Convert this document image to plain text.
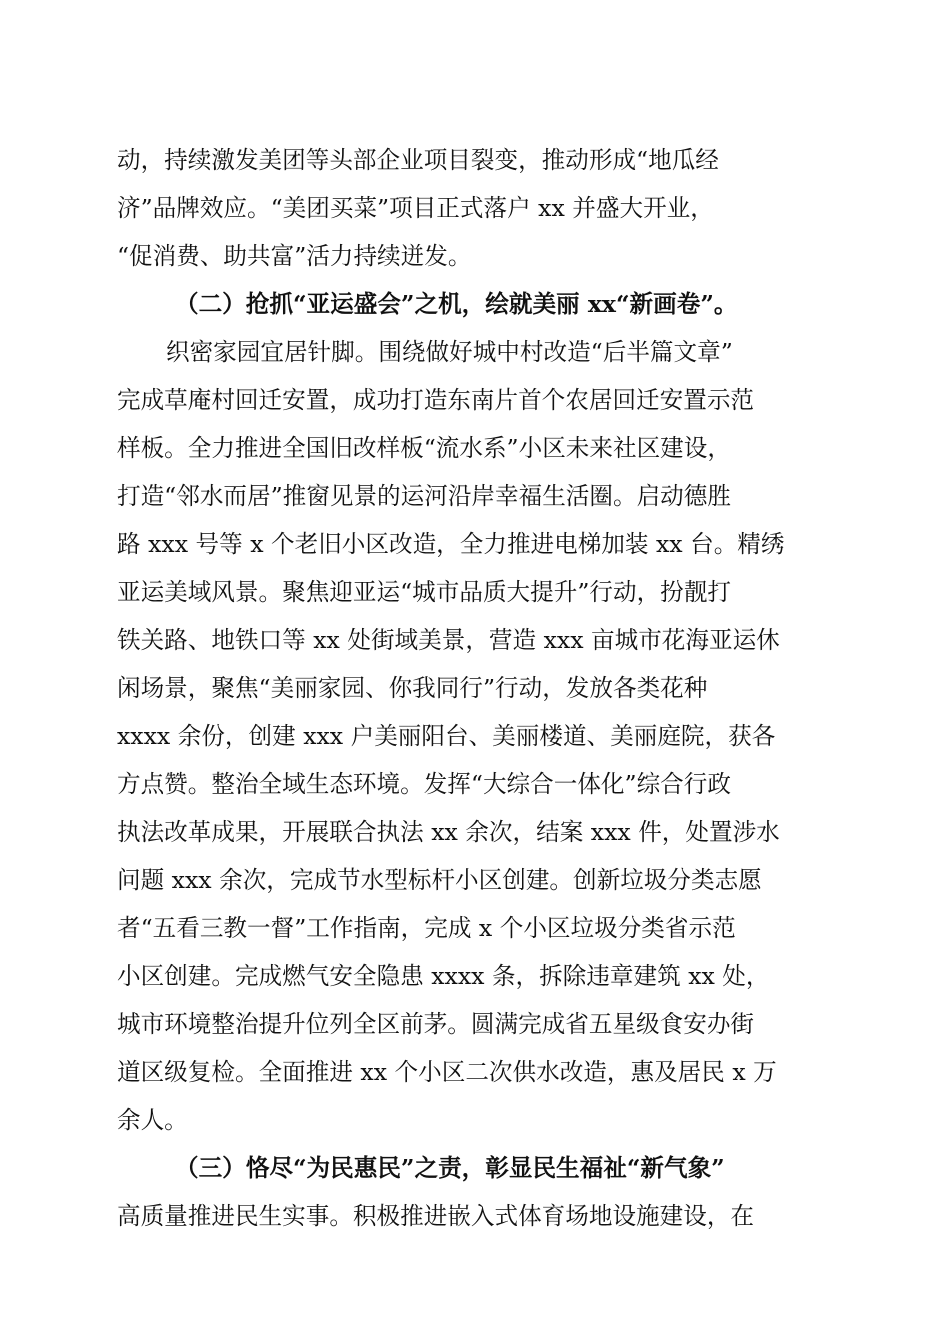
动，持续激发美团等头部企业项目裂变，推动形成“地瓜经
济”品牌效应。“美团买菜”项目正式落户 xx 并盛大开业，
“促消费、助共富”活力持续迸发。
（二）抢抓“亚运盛会”之机，绘就美丽 xx“新画卷”。
织密家园宜居针脚。围绕做好城中村改造“后半篇文章”
完成草庵村回迁安置，成功打造东南片首个农居回迁安置示范
样板。全力推进全国旧改样板“流水系”小区未来社区建设，
打造“邻水而居”推窗见景的运河沿岸幸福生活圈。启动德胜
路 xxx 号等 x 个老旧小区改造，全力推进电梯加装 xx 台。精绣
亚运美域风景。聚焦迎亚运“城市品质大提升”行动，扮靓打
铁关路、地铁口等 xx 处街域美景，营造 xxx 亩城市花海亚运休
闲场景，聚焦“美丽家园、你我同行”行动，发放各类花种
xxxx 余份，创建 xxx 户美丽阳台、美丽楼道、美丽庭院，获各
方点赞。整治全域生态环境。发挥“大综合一体化”综合行政
执法改革成果，开展联合执法 xx 余次，结案 xxx 件，处置涉水
问题 xxx 余次，完成节水型标杆小区创建。创新垃圾分类志愿
者“五看三教一督”工作指南，完成 x 个小区垃圾分类省示范
小区创建。完成燃气安全隐患 xxxx 条，拆除违章建筑 xx 处，
城市环境整治提升位列全区前茅。圆满完成省五星级食安办街
道区级复检。全面推进 xx 个小区二次供水改造，惠及居民 x 万
余人。
（三）恪尽“为民惠民”之责，彰显民生福祉“新气象”
高质量推进民生实事。积极推进嵌入式体育场地设施建设，在
